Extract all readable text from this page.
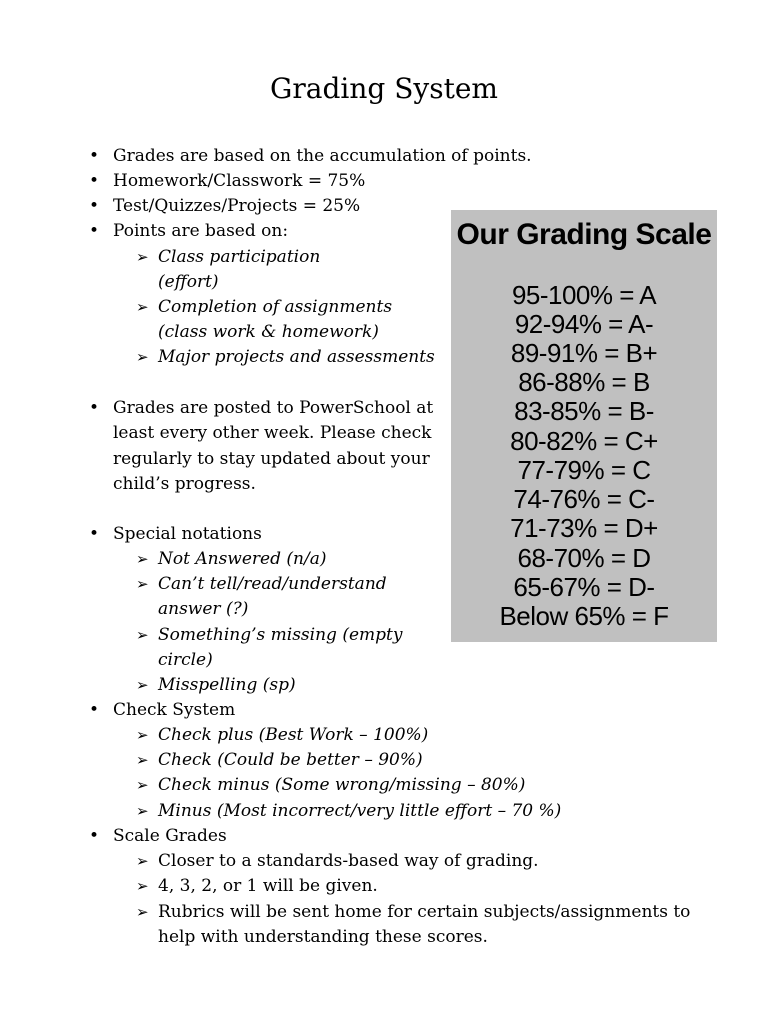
Grading System
• Grades are based on the accumulation of points.
• Homework/Classwork = 75%
• Test/Quizzes/Projects = 25%
• Points are based on:
➢ Class participation
(effort)
➢ Completion of assignments
(class work & homework)
➢ Major projects and assessments
• Grades are posted to PowerSchool at
least every other week. Please check
regularly to stay updated about your
child’s progress.
• Special notations
➢ Not Answered (n/a)
➢ Can’t tell/read/understand
answer (?)
➢ Something’s missing (empty
circle)
➢ Misspelling (sp)
• Check System
➢ Check plus (Best Work – 100%)
➢ Check (Could be better – 90%)
➢ Check minus (Some wrong/missing – 80%)
➢ Minus (Most incorrect/very little effort – 70 %)
• Scale Grades
➢ Closer to a standards-based way of grading.
➢ 4, 3, 2, or 1 will be given.
➢ Rubrics will be sent home for certain subjects/assignments to
help with understanding these scores.
Our Grading Scale
95-100% = A
92-94% = A-
89-91% = B+
86-88% = B
83-85% = B-
80-82% = C+
77-79% = C
74-76% = C-
71-73% = D+
68-70% = D
65-67% = D-
Below 65% = F
